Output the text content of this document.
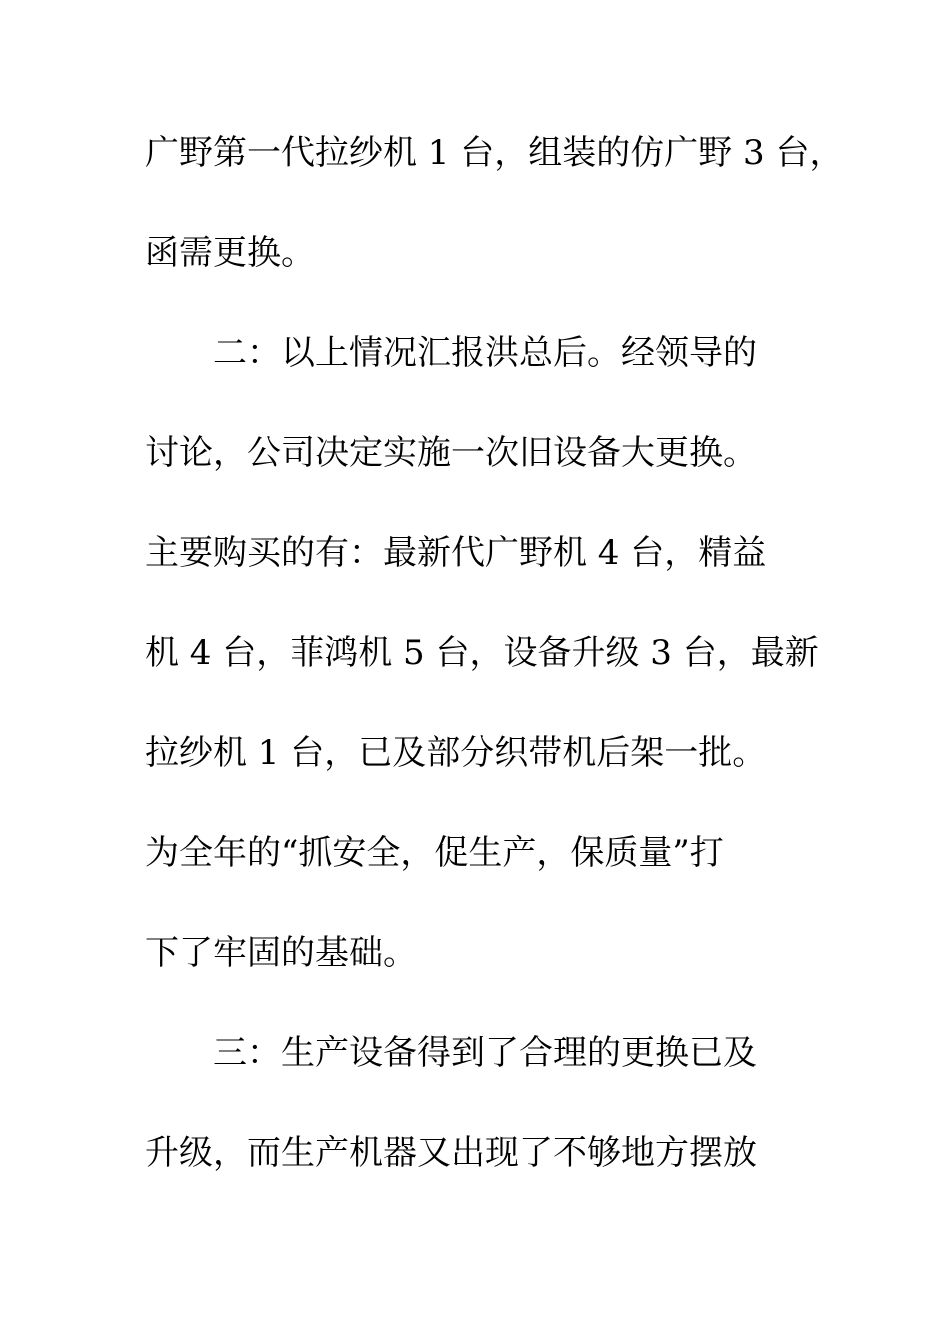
广野第一代拉纱机 1 台，组装的仿广野 3 台，

函需更换。

　　二：以上情况汇报洪总后。经领导的

讨论，公司决定实施一次旧设备大更换。

主要购买的有：最新代广野机 4 台，精益

机 4 台，菲鸿机 5 台，设备升级 3 台，最新

拉纱机 1 台，已及部分织带机后架一批。

为全年的“抓安全，促生产，保质量”打

下了牢固的基础。

　　三：生产设备得到了合理的更换已及

升级，而生产机器又出现了不够地方摆放
